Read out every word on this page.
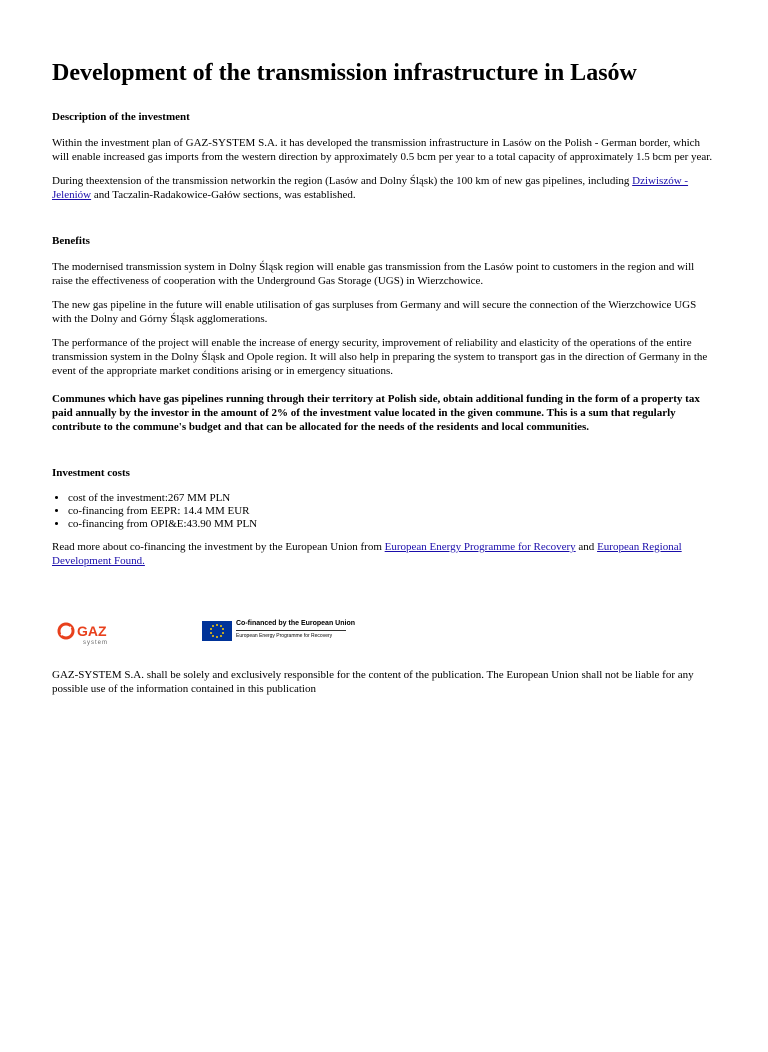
Development of the transmission infrastructure in Lasów
Description of the investment

Within the investment plan of GAZ-SYSTEM S.A. it has developed the transmission infrastructure in Lasów on the Polish - German border, which will enable increased gas imports from the western direction by approximately 0.5 bcm per year to a total capacity of approximately 1.5 bcm per year.

During theextension of the transmission networkin the region (Lasów and Dolny Śląsk) the 100 km of new gas pipelines, including Dziwiszów - Jeleniów and Taczalin-Radakowice-Gałów sections, was established.

Benefits

The modernised transmission system in Dolny Śląsk region will enable gas transmission from the Lasów point to customers in the region and will raise the effectiveness of cooperation with the Underground Gas Storage (UGS) in Wierzchowice.

The new gas pipeline in the future will enable utilisation of gas surpluses from Germany and will secure the connection of the Wierzchowice UGS with the Dolny and Górny Śląsk agglomerations.

The performance of the project will enable the increase of energy security, improvement of reliability and elasticity of the operations of the entire transmission system in the Dolny Śląsk and Opole region. It will also help in preparing the system to transport gas in the direction of Germany in the event of the appropriate market conditions arising or in emergency situations.

Communes which have gas pipelines running through their territory at Polish side, obtain additional funding in the form of a property tax paid annually by the investor in the amount of 2% of the investment value located in the given commune. This is a sum that regularly contribute to the commune's budget and that can be allocated for the needs of the residents and local communities.

Investment costs
• cost of the investment:267 MM PLN
• co-financing from EEPR: 14.4 MM EUR
• co-financing from OPI&E:43.90 MM PLN

Read more about co-financing the investment by the European Union from European Energy Programme for Recovery and European Regional Development Found.

GAZ
system
Co-financed by the European Union
European Energy Programme for Recovery

GAZ-SYSTEM S.A. shall be solely and exclusively responsible for the content of the publication. The European Union shall not be liable for any possible use of the information contained in this publication
